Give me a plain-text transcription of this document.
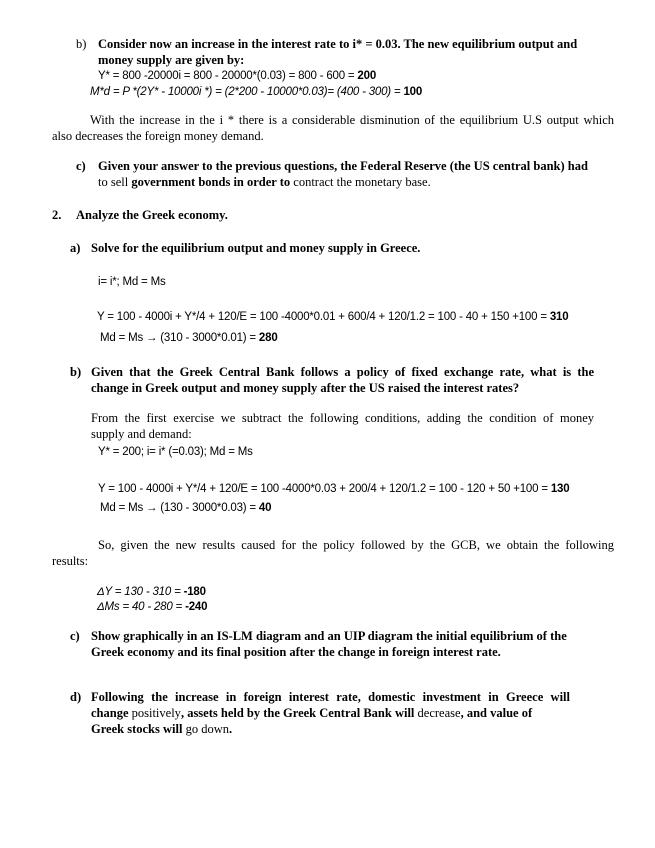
b) Consider now an increase in the interest rate to i* = 0.03. The new equilibrium output and
money supply are given by:
Y* = 800 -20000i = 800 - 20000*(0.03) = 800 - 600 = 200
M*d = P *(2Y* - 10000i *) = (2*200 - 10000*0.03)= (400 - 300) = 100
With the increase in the i * there is a considerable disminution of the equilibrium U.S output which
also decreases the foreign money demand.
c) Given your answer to the previous questions, the Federal Reserve (the US central bank) had
to sell government bonds in order to contract the monetary base.
2. Analyze the Greek economy.
a) Solve for the equilibrium output and money supply in Greece.
i= i*; Md = Ms
Y = 100 - 4000i + Y*/4 + 120/E = 100 -4000*0.01 + 600/4 + 120/1.2 = 100 - 40 + 150 +100 = 310
Md = Ms → (310 - 3000*0.01) = 280
b) Given that the Greek Central Bank follows a policy of fixed exchange rate, what is the
change in Greek output and money supply after the US raised the interest rates?
From the first exercise we subtract the following conditions, adding the condition of money
supply and demand:
Y* = 200; i= i* (=0.03); Md = Ms
Y = 100 - 4000i + Y*/4 + 120/E = 100 -4000*0.03 + 200/4 + 120/1.2 = 100 - 120 + 50 +100 = 130
Md = Ms → (130 - 3000*0.03) = 40
So, given the new results caused for the policy followed by the GCB, we obtain the following
results:
ΔY = 130 - 310 = -180
ΔMs = 40 - 280 = -240
c) Show graphically in an IS-LM diagram and an UIP diagram the initial equilibrium of the
Greek economy and its final position after the change in foreign interest rate.
d) Following the increase in foreign interest rate, domestic investment in Greece will
change positively, assets held by the Greek Central Bank will decrease, and value of
Greek stocks will go down.
